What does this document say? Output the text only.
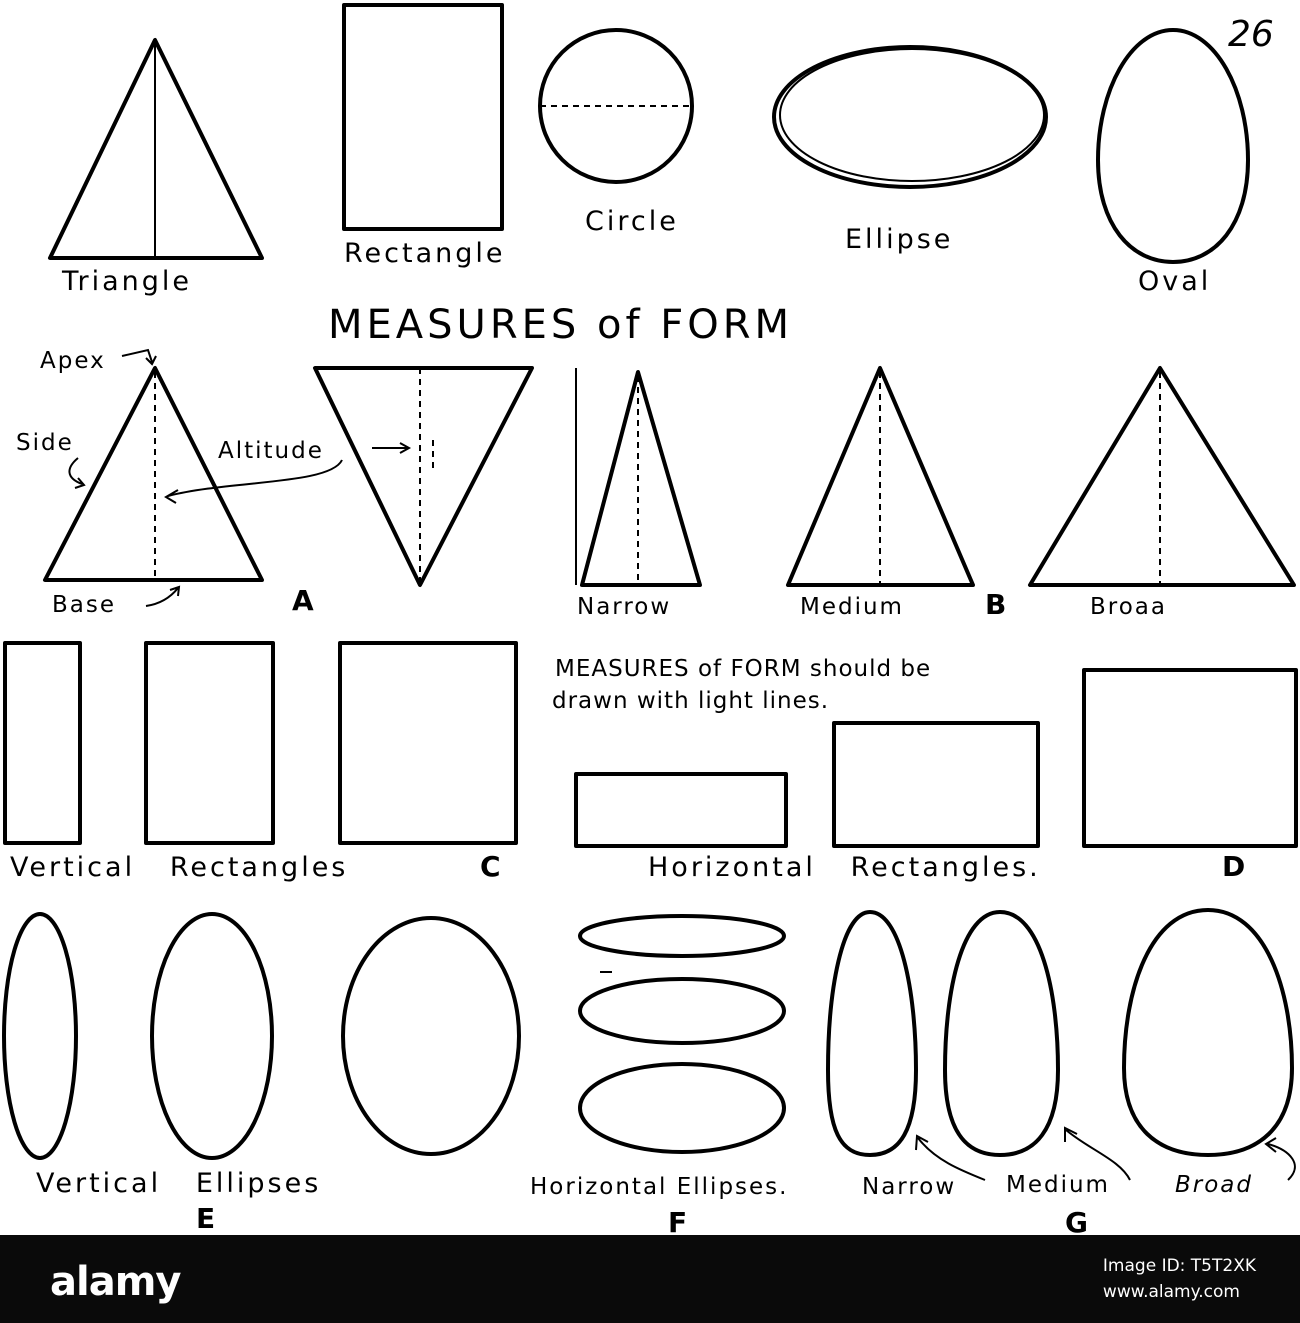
26
Triangle
Rectangle
Circle
Ellipse
Oval
MEASURES of FORM
Apex
Side	Altitude
Base	A	Narrow	Medium	B	Broaa
Vertical   Rectangles	C
MEASURES of FORM should be
drawn with light lines.
Horizontal   Rectangles.	D
Vertical   Ellipses
E
Horizontal Ellipses.
F
Narrow Medium	Broad
G
alamy	Image ID: T5T2XK
www.alamy.com
